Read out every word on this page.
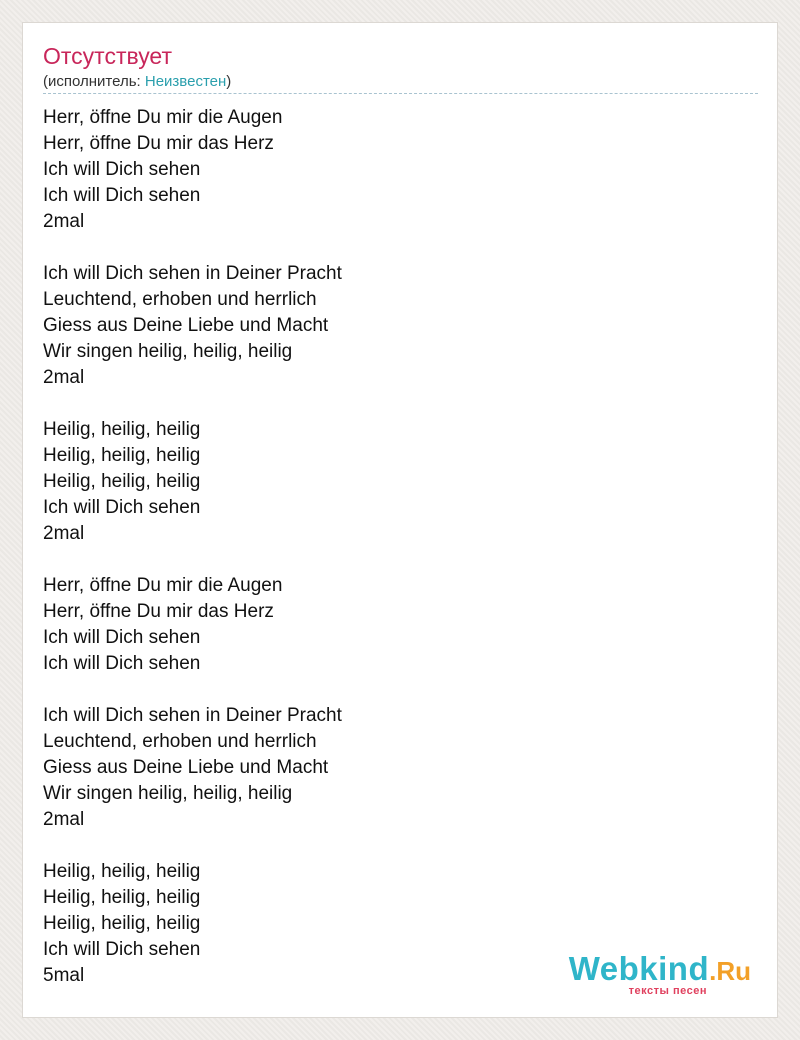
Отсутствует
(исполнитель: Неизвестен)
Herr, öffne Du mir die Augen
Herr, öffne Du mir das Herz
Ich will Dich sehen
Ich will Dich sehen
2mal
Ich will Dich sehen in Deiner Pracht
Leuchtend, erhoben und herrlich
Giess aus Deine Liebe und Macht
Wir singen heilig, heilig, heilig
2mal
Heilig, heilig, heilig
Heilig, heilig, heilig
Heilig, heilig, heilig
Ich will Dich sehen
2mal
Herr, öffne Du mir die Augen
Herr, öffne Du mir das Herz
Ich will Dich sehen
Ich will Dich sehen
Ich will Dich sehen in Deiner Pracht
Leuchtend, erhoben und herrlich
Giess aus Deine Liebe und Macht
Wir singen heilig, heilig, heilig
2mal
Heilig, heilig, heilig
Heilig, heilig, heilig
Heilig, heilig, heilig
Ich will Dich sehen
5mal	Webkind.Ru
тексты песен
